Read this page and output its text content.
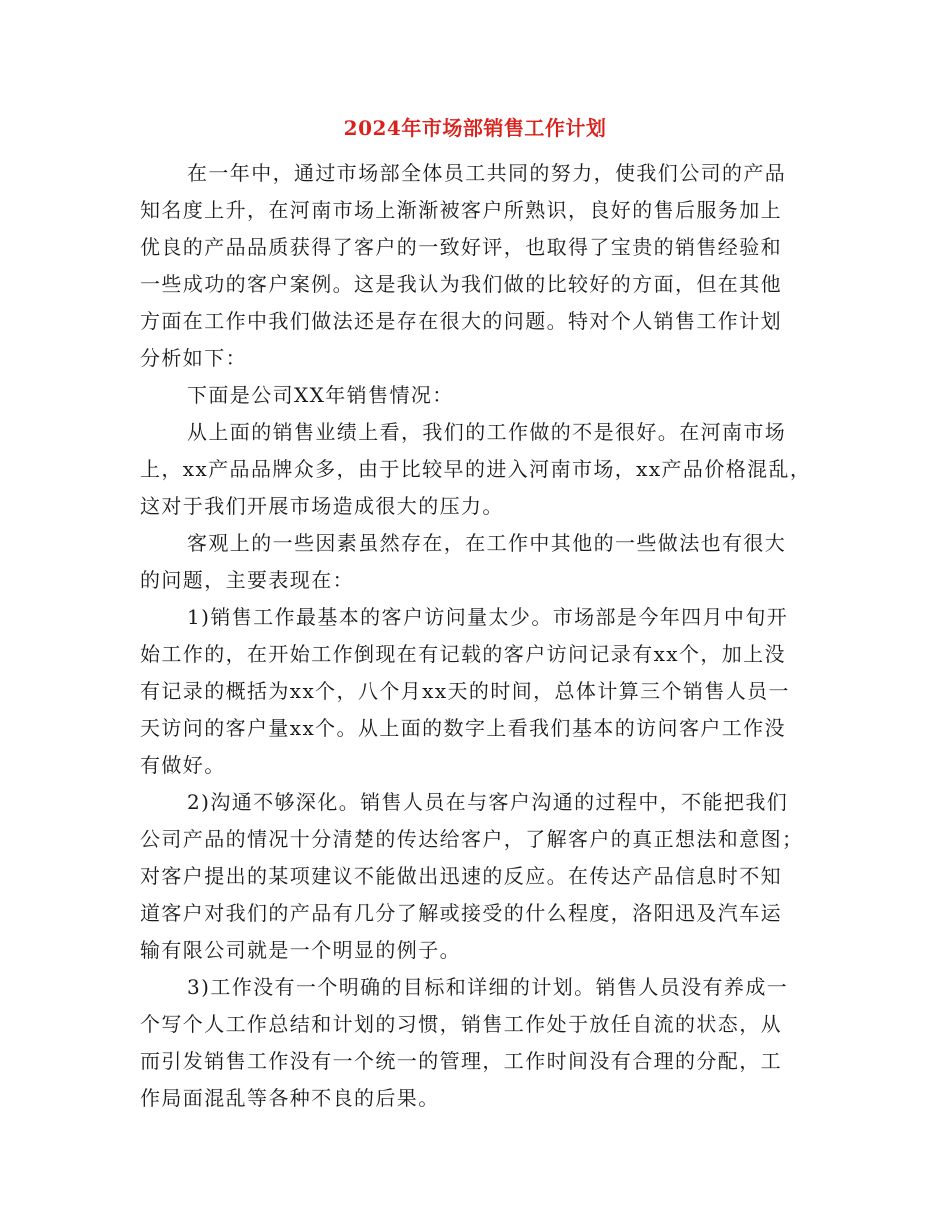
2024年市场部销售工作计划
在一年中，通过市场部全体员工共同的努力，使我们公司的产品
知名度上升，在河南市场上渐渐被客户所熟识，良好的售后服务加上
优良的产品品质获得了客户的一致好评，也取得了宝贵的销售经验和
一些成功的客户案例。这是我认为我们做的比较好的方面，但在其他
方面在工作中我们做法还是存在很大的问题。特对个人销售工作计划
分析如下：
下面是公司XX年销售情况：
从上面的销售业绩上看，我们的工作做的不是很好。在河南市场
上，xx产品品牌众多，由于比较早的进入河南市场，xx产品价格混乱，
这对于我们开展市场造成很大的压力。
客观上的一些因素虽然存在，在工作中其他的一些做法也有很大
的问题，主要表现在：
1)销售工作最基本的客户访问量太少。市场部是今年四月中旬开
始工作的，在开始工作倒现在有记载的客户访问记录有xx个，加上没
有记录的概括为xx个，八个月xx天的时间，总体计算三个销售人员一
天访问的客户量xx个。从上面的数字上看我们基本的访问客户工作没
有做好。
2)沟通不够深化。销售人员在与客户沟通的过程中，不能把我们
公司产品的情况十分清楚的传达给客户，了解客户的真正想法和意图；
对客户提出的某项建议不能做出迅速的反应。在传达产品信息时不知
道客户对我们的产品有几分了解或接受的什么程度，洛阳迅及汽车运
输有限公司就是一个明显的例子。
3)工作没有一个明确的目标和详细的计划。销售人员没有养成一
个写个人工作总结和计划的习惯，销售工作处于放任自流的状态，从
而引发销售工作没有一个统一的管理，工作时间没有合理的分配，工
作局面混乱等各种不良的后果。
